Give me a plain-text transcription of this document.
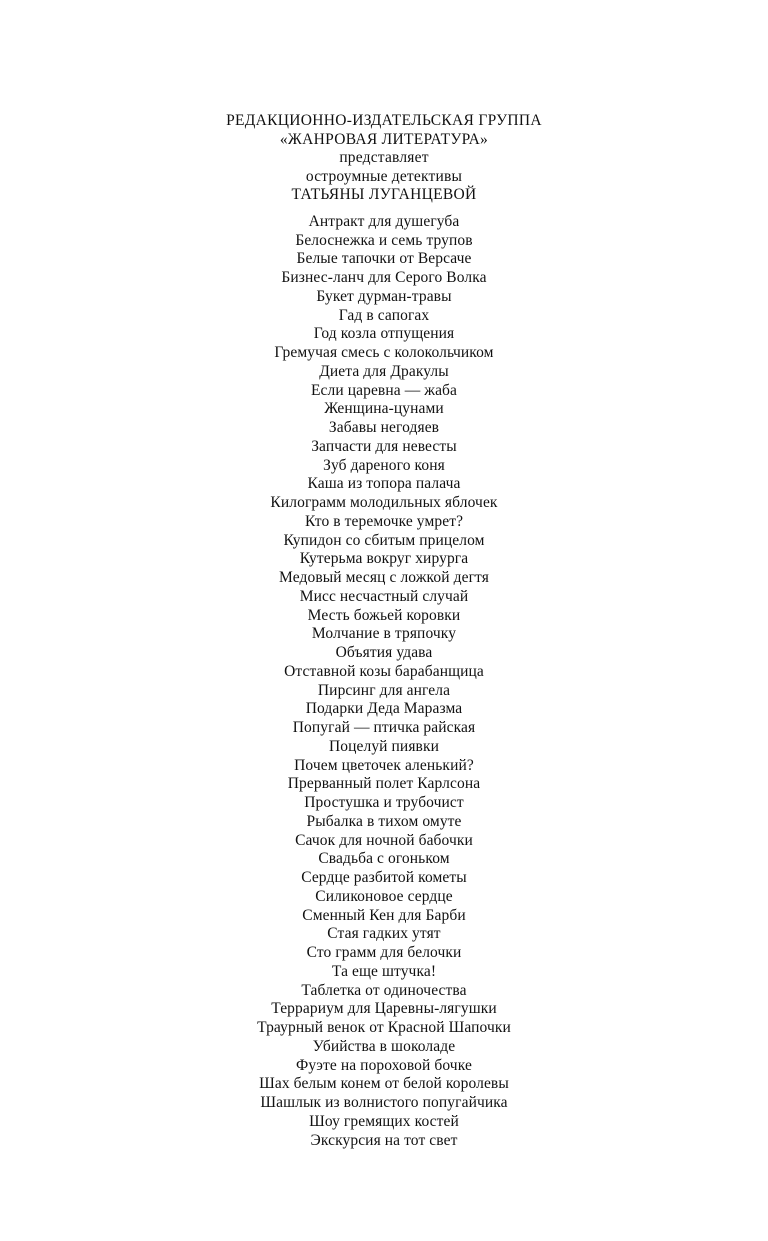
РЕДАКЦИОННО-ИЗДАТЕЛЬСКАЯ ГРУППА
«ЖАНРОВАЯ ЛИТЕРАТУРА»
представляет
остроумные детективы
ТАТЬЯНЫ ЛУГАНЦЕВОЙ
Антракт для душегуба
Белоснежка и семь трупов
Белые тапочки от Версаче
Бизнес-ланч для Серого Волка
Букет дурман-травы
Гад в сапогах
Год козла отпущения
Гремучая смесь с колокольчиком
Диета для Дракулы
Если царевна — жаба
Женщина-цунами
Забавы негодяев
Запчасти для невесты
Зуб дареного коня
Каша из топора палача
Килограмм молодильных яблочек
Кто в теремочке умрет?
Купидон со сбитым прицелом
Кутерьма вокруг хирурга
Медовый месяц с ложкой дегтя
Мисс несчастный случай
Месть божьей коровки
Молчание в тряпочку
Объятия удава
Отставной козы барабанщица
Пирсинг для ангела
Подарки Деда Маразма
Попугай — птичка райская
Поцелуй пиявки
Почем цветочек аленький?
Прерванный полет Карлсона
Простушка и трубочист
Рыбалка в тихом омуте
Сачок для ночной бабочки
Свадьба с огоньком
Сердце разбитой кометы
Силиконовое сердце
Сменный Кен для Барби
Стая гадких утят
Сто грамм для белочки
Та еще штучка!
Таблетка от одиночества
Террариум для Царевны-лягушки
Траурный венок от Красной Шапочки
Убийства в шоколаде
Фуэте на пороховой бочке
Шах белым конем от белой королевы
Шашлык из волнистого попугайчика
Шоу гремящих костей
Экскурсия на тот свет
